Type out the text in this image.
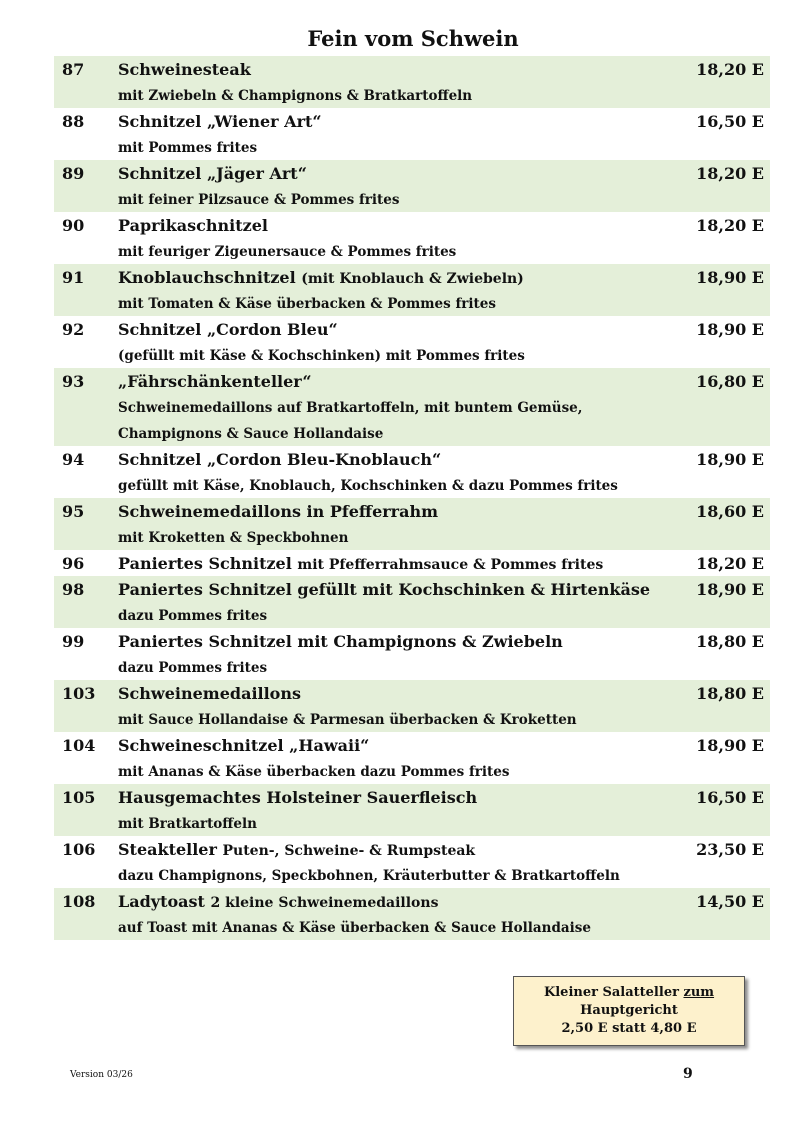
Fein vom Schwein
87 Schweinesteak	18,20 E
mit Zwiebeln & Champignons & Bratkartoffeln
88 Schnitzel „Wiener Art“	16,50 E
mit Pommes frites
89 Schnitzel „Jäger Art“	18,20 E
mit feiner Pilzsauce & Pommes frites
90 Paprikaschnitzel	18,20 E
mit feuriger Zigeunersauce & Pommes frites
91 Knoblauchschnitzel (mit Knoblauch & Zwiebeln)	18,90 E
mit Tomaten & Käse überbacken & Pommes frites
92 Schnitzel „Cordon Bleu“	18,90 E
(gefüllt mit Käse & Kochschinken) mit Pommes frites
93 „Fährschänkenteller“	16,80 E
Schweinemedaillons auf Bratkartoffeln, mit buntem Gemüse,
Champignons & Sauce Hollandaise
94 Schnitzel „Cordon Bleu-Knoblauch“	18,90 E
gefüllt mit Käse, Knoblauch, Kochschinken & dazu Pommes frites
95 Schweinemedaillons in Pfefferrahm	18,60 E
mit Kroketten & Speckbohnen
96 Paniertes Schnitzel mit Pfefferrahmsauce & Pommes frites	18,20 E
98 Paniertes Schnitzel gefüllt mit Kochschinken & Hirtenkäse	18,90 E
dazu Pommes frites
99 Paniertes Schnitzel mit Champignons & Zwiebeln	18,80 E
dazu Pommes frites
103 Schweinemedaillons	18,80 E
mit Sauce Hollandaise & Parmesan überbacken & Kroketten
104 Schweineschnitzel „Hawaii“	18,90 E
mit Ananas & Käse überbacken dazu Pommes frites
105 Hausgemachtes Holsteiner Sauerfleisch	16,50 E
mit Bratkartoffeln
106 Steakteller Puten-, Schweine- & Rumpsteak	23,50 E
dazu Champignons, Speckbohnen, Kräuterbutter & Bratkartoffeln
108 Ladytoast 2 kleine Schweinemedaillons	14,50 E
auf Toast mit Ananas & Käse überbacken & Sauce Hollandaise
Kleiner Salatteller zum
Hauptgericht
2,50 E statt 4,80 E
Version 03/26	9
